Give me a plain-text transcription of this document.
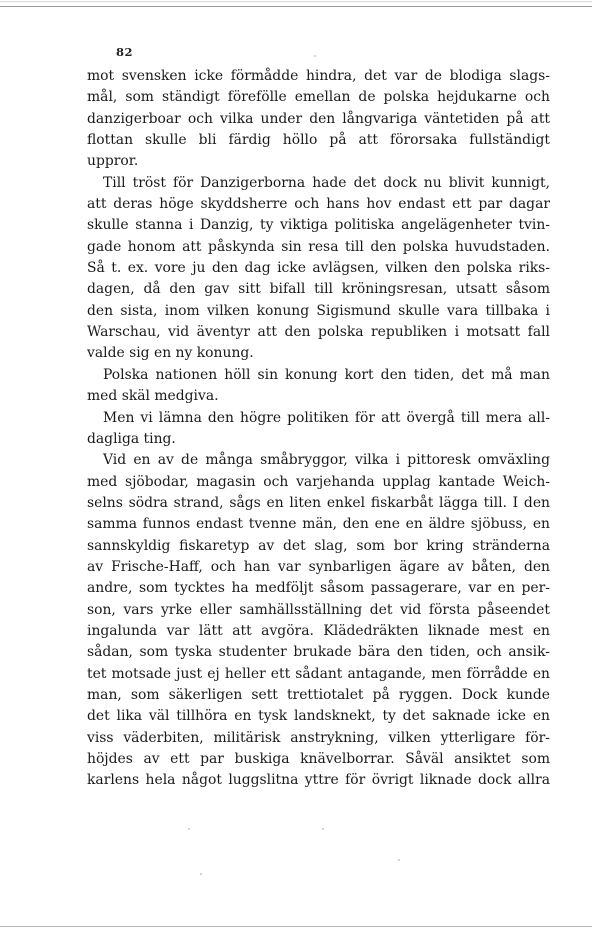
82
mot svensken icke förmådde hindra, det var de blodiga slags-
mål, som ständigt förefölle emellan de polska hejdukarne och
danzigerboar och vilka under den långvariga väntetiden på att
flottan skulle bli färdig höllo på att förorsaka fullständigt
uppror.
Till tröst för Danzigerborna hade det dock nu blivit kunnigt,
att deras höge skyddsherre och hans hov endast ett par dagar
skulle stanna i Danzig, ty viktiga politiska angelägenheter tvin-
gade honom att påskynda sin resa till den polska huvudstaden.
Så t. ex. vore ju den dag icke avlägsen, vilken den polska riks-
dagen, då den gav sitt bifall till kröningsresan, utsatt såsom
den sista, inom vilken konung Sigismund skulle vara tillbaka i
Warschau, vid äventyr att den polska republiken i motsatt fall
valde sig en ny konung.
Polska nationen höll sin konung kort den tiden, det må man
med skäl medgiva.
Men vi lämna den högre politiken för att övergå till mera all-
dagliga ting.
Vid en av de många småbryggor, vilka i pittoresk omväxling
med sjöbodar, magasin och varjehanda upplag kantade Weich-
selns södra strand, sågs en liten enkel fiskarbåt lägga till. I den
samma funnos endast tvenne män, den ene en äldre sjöbuss, en
sannskyldig fiskaretyp av det slag, som bor kring stränderna
av Frische-Haff, och han var synbarligen ägare av båten, den
andre, som tycktes ha medföljt såsom passagerare, var en per-
son, vars yrke eller samhällsställning det vid första påseendet
ingalunda var lätt att avgöra. Klädedräkten liknade mest en
sådan, som tyska studenter brukade bära den tiden, och ansik-
tet motsade just ej heller ett sådant antagande, men förrådde en
man, som säkerligen sett trettiotalet på ryggen. Dock kunde
det lika väl tillhöra en tysk landsknekt, ty det saknade icke en
viss väderbiten, militärisk anstrykning, vilken ytterligare för-
höjdes av ett par buskiga knävelborrar. Såväl ansiktet som
karlens hela något luggslitna yttre för övrigt liknade dock allra
